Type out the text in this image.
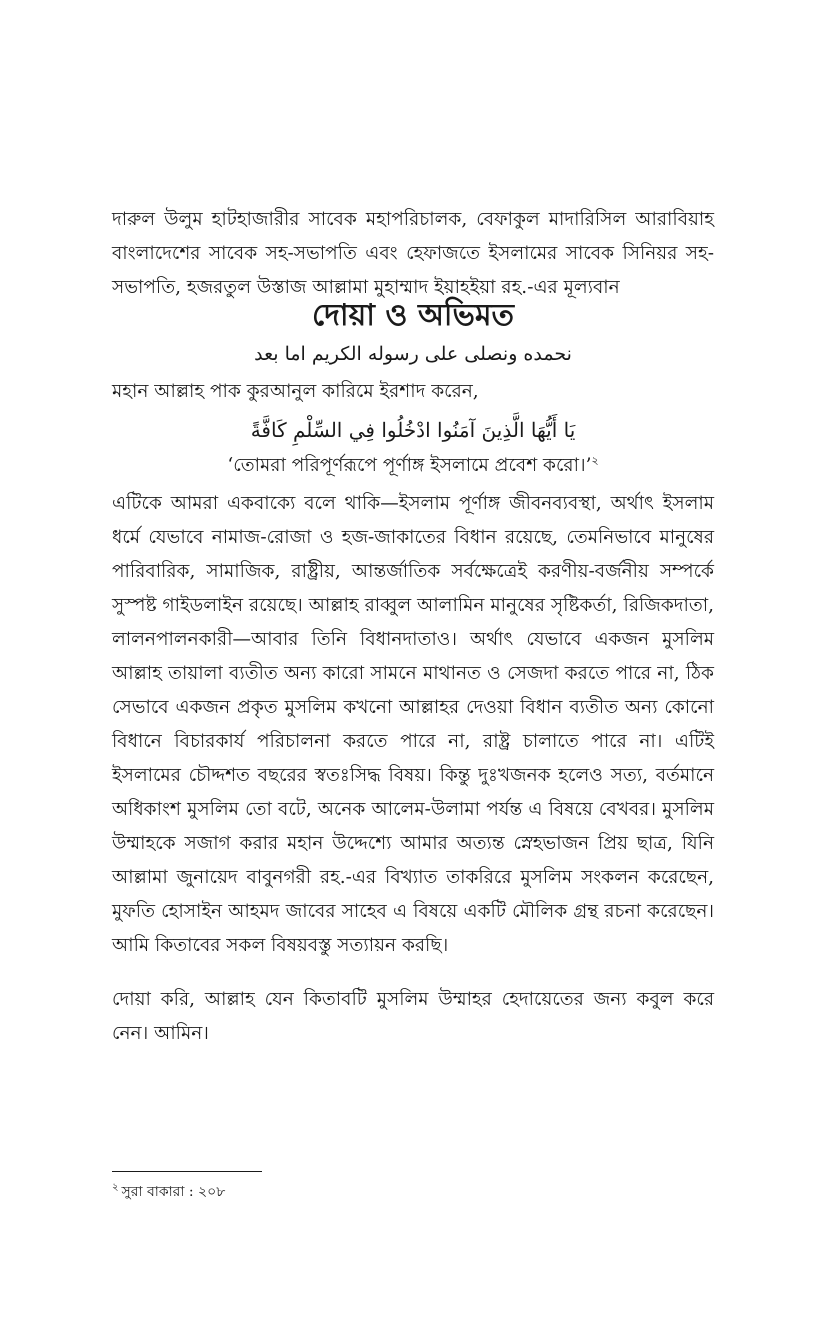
দারুল উলুম হাটহাজারীর সাবেক মহাপরিচালক, বেফাকুল মাদারিসিল আরাবিয়াহ বাংলাদেশের সাবেক সহ-সভাপতি এবং হেফাজতে ইসলামের সাবেক সিনিয়র সহ-সভাপতি, হজরতুল উস্তাজ আল্লামা মুহাম্মাদ ইয়াহইয়া রহ.-এর মূল্যবান
দোয়া ও অভিমত
نحمده ونصلى على رسوله الكريم اما بعد
মহান আল্লাহ পাক কুরআনুল কারিমে ইরশাদ করেন,
يَا أَيُّهَا الَّذِينَ آمَنُوا ادْخُلُوا فِي السِّلْمِ كَافَّةً
‘তোমরা পরিপূর্ণরূপে পূর্ণাঙ্গ ইসলামে প্রবেশ করো।’$^২$
এটিকে আমরা একবাক্যে বলে থাকি—ইসলাম পূর্ণাঙ্গ জীবনব্যবস্থা, অর্থাৎ ইসলাম ধর্মে যেভাবে নামাজ-রোজা ও হজ-জাকাতের বিধান রয়েছে, তেমনিভাবে মানুষের পারিবারিক, সামাজিক, রাষ্ট্রীয়, আন্তর্জাতিক সর্বক্ষেত্রেই করণীয়-বর্জনীয় সম্পর্কে সুস্পষ্ট গাইডলাইন রয়েছে। আল্লাহ রাব্বুল আলামিন মানুষের সৃষ্টিকর্তা, রিজিকদাতা, লালনপালনকারী—আবার তিনি বিধানদাতাও। অর্থাৎ যেভাবে একজন মুসলিম আল্লাহ তায়ালা ব্যতীত অন্য কারো সামনে মাথানত ও সেজদা করতে পারে না, ঠিক সেভাবে একজন প্রকৃত মুসলিম কখনো আল্লাহর দেওয়া বিধান ব্যতীত অন্য কোনো বিধানে বিচারকার্য পরিচালনা করতে পারে না, রাষ্ট্র চালাতে পারে না। এটিই ইসলামের চৌদ্দশত বছরের স্বতঃসিদ্ধ বিষয়। কিন্তু দুঃখজনক হলেও সত্য, বর্তমানে অধিকাংশ মুসলিম তো বটে, অনেক আলেম-উলামা পর্যন্ত এ বিষয়ে বেখবর। মুসলিম উম্মাহকে সজাগ করার মহান উদ্দেশ্যে আমার অত্যন্ত স্নেহভাজন প্রিয় ছাত্র, যিনি আল্লামা জুনায়েদ বাবুনগরী রহ.-এর বিখ্যাত তাকরিরে মুসলিম সংকলন করেছেন, মুফতি হোসাইন আহমদ জাবের সাহেব এ বিষয়ে একটি মৌলিক গ্রন্থ রচনা করেছেন। আমি কিতাবের সকল বিষয়বস্তু সত্যায়ন করছি।
দোয়া করি, আল্লাহ যেন কিতাবটি মুসলিম উম্মাহর হেদায়েতের জন্য কবুল করে নেন। আমিন।
$^২$ সুরা বাকারা : ২০৮
